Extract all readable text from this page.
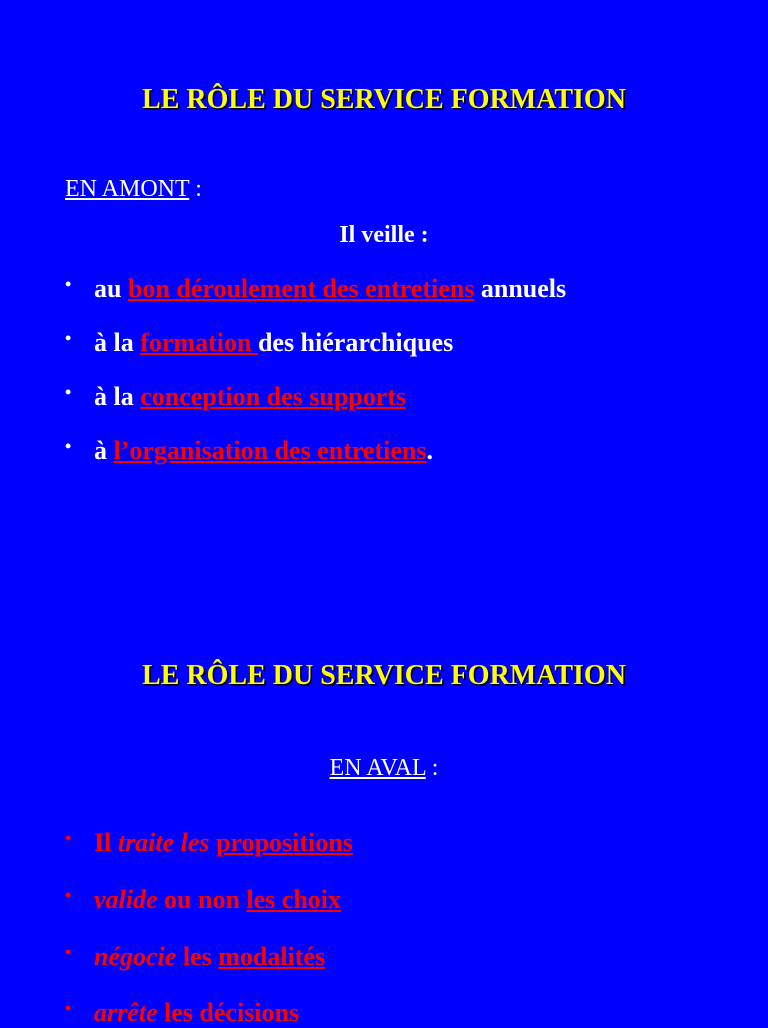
LE RÔLE DU SERVICE FORMATION
EN AMONT :
Il veille :
• au bon déroulement des entretiens annuels
• à la formation des hiérarchiques
• à la conception des supports
• à l’organisation des entretiens.
LE RÔLE DU SERVICE FORMATION
EN AVAL :
• Il traite les propositions
• valide ou non les choix
• négocie les modalités
• arrête les décisions
